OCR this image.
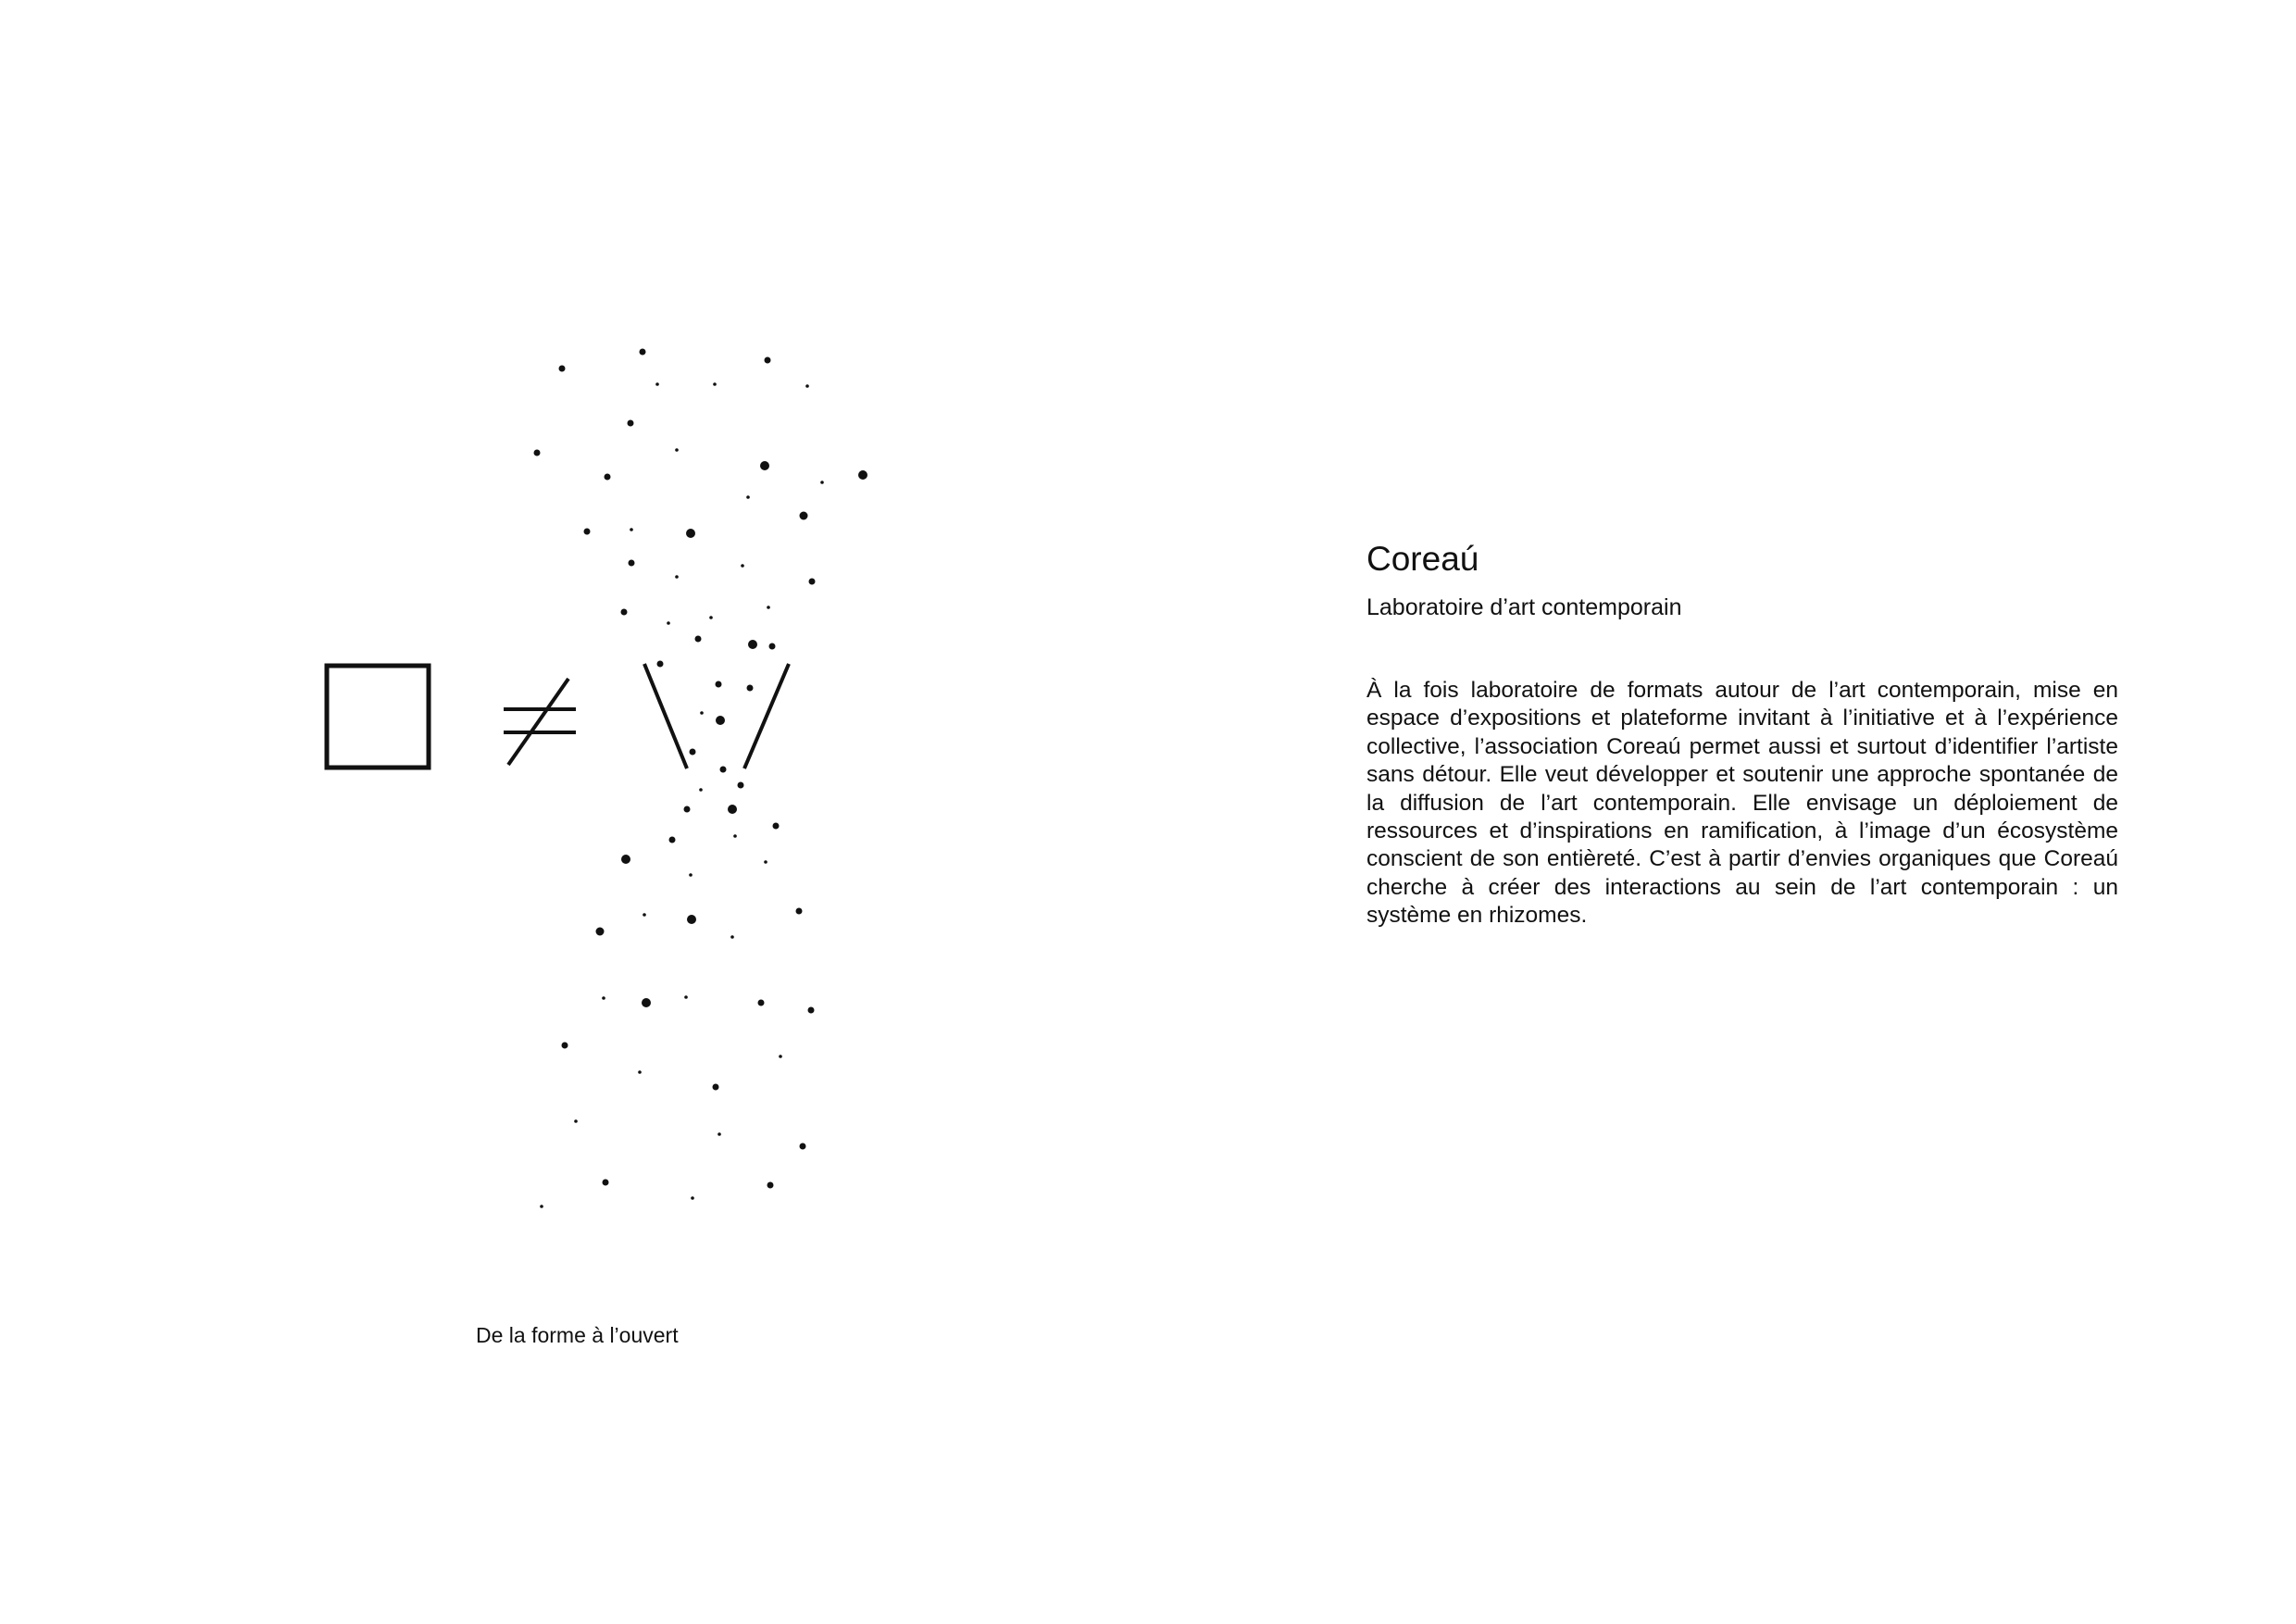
De la forme à l’ouvert
Coreaú
Laboratoire d’art contemporain
À la fois laboratoire de formats autour de l’art contemporain, mise en espace d’expositions et plateforme invitant à l’initiative et à l’expérience collective, l’association Coreaú permet aussi et surtout d’identifier l’artiste sans détour. Elle veut développer et soutenir une approche spontanée de la diffusion de l’art contemporain. Elle envisage un déploiement de ressources et d’inspirations en ramification, à l’image d’un écosystème conscient de son entièreté. C’est à partir d’envies organiques que Coreaú cherche à créer des interactions au sein de l’art contemporain : un système en rhizomes.
